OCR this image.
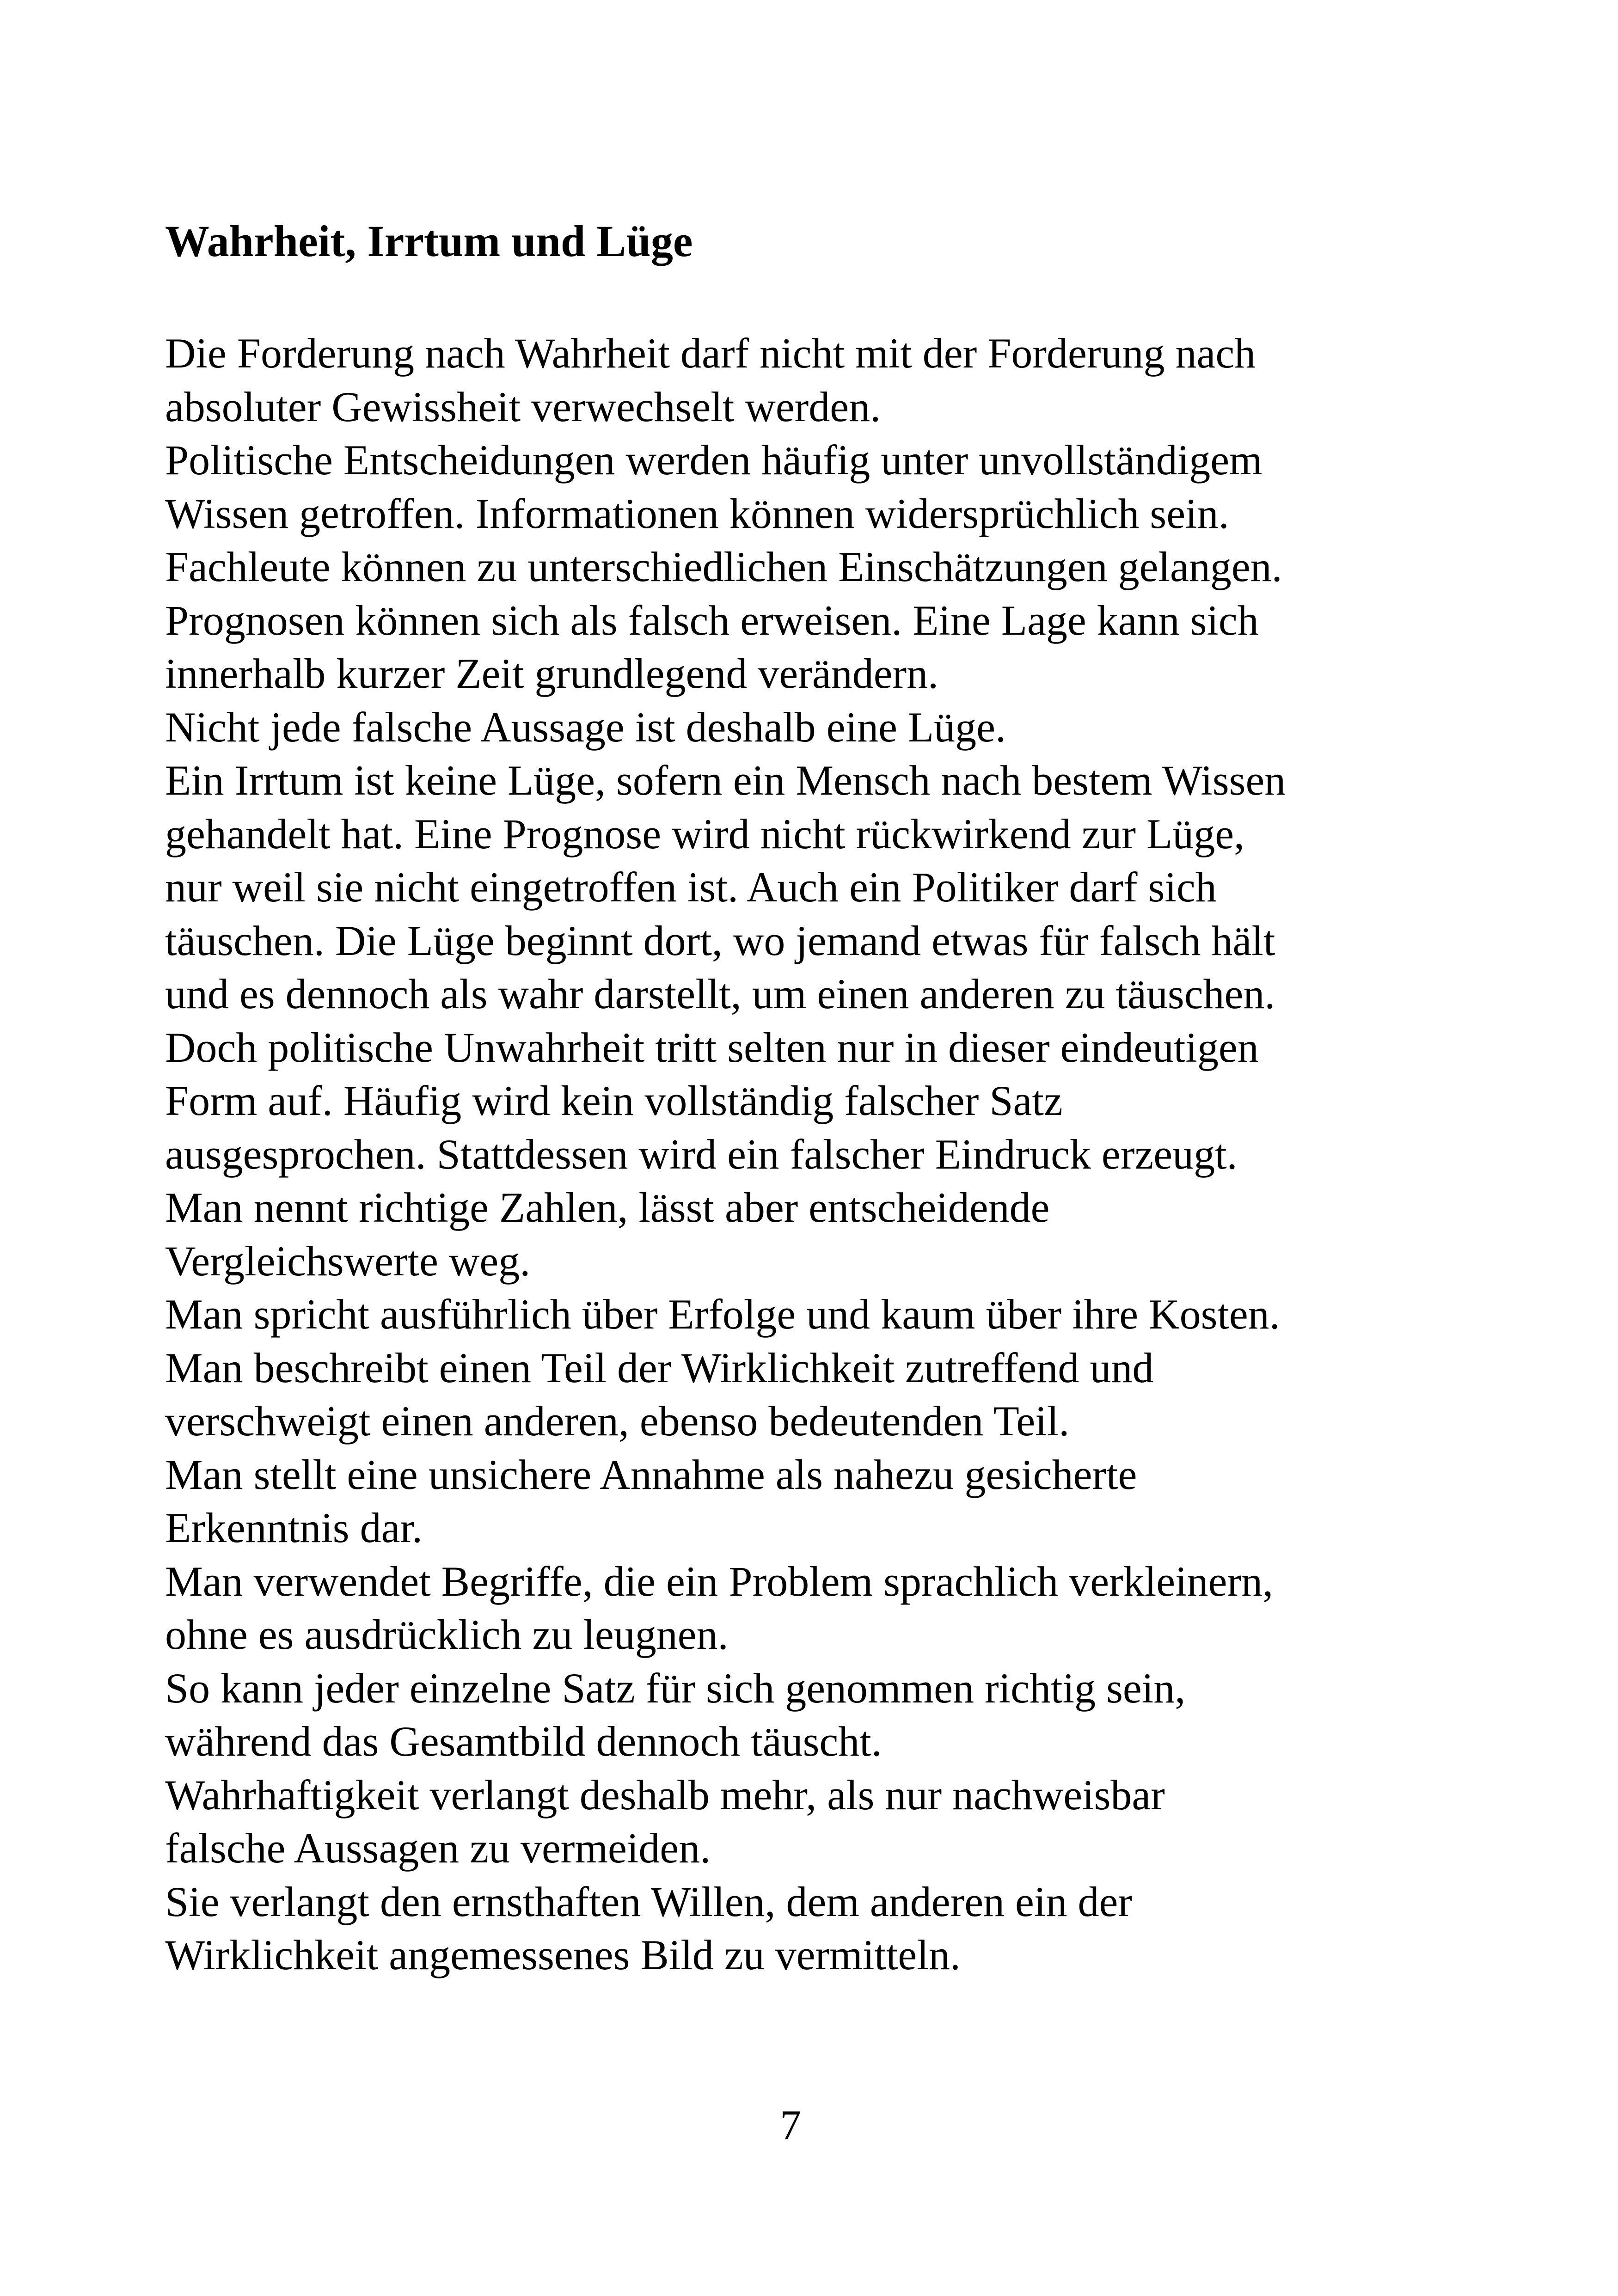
Wahrheit, Irrtum und Lüge
Die Forderung nach Wahrheit darf nicht mit der Forderung nach
absoluter Gewissheit verwechselt werden.
Politische Entscheidungen werden häufig unter unvollständigem
Wissen getroffen. Informationen können widersprüchlich sein.
Fachleute können zu unterschiedlichen Einschätzungen gelangen.
Prognosen können sich als falsch erweisen. Eine Lage kann sich
innerhalb kurzer Zeit grundlegend verändern.
Nicht jede falsche Aussage ist deshalb eine Lüge.
Ein Irrtum ist keine Lüge, sofern ein Mensch nach bestem Wissen
gehandelt hat. Eine Prognose wird nicht rückwirkend zur Lüge,
nur weil sie nicht eingetroffen ist. Auch ein Politiker darf sich
täuschen. Die Lüge beginnt dort, wo jemand etwas für falsch hält
und es dennoch als wahr darstellt, um einen anderen zu täuschen.
Doch politische Unwahrheit tritt selten nur in dieser eindeutigen
Form auf. Häufig wird kein vollständig falscher Satz
ausgesprochen. Stattdessen wird ein falscher Eindruck erzeugt.
Man nennt richtige Zahlen, lässt aber entscheidende
Vergleichswerte weg.
Man spricht ausführlich über Erfolge und kaum über ihre Kosten.
Man beschreibt einen Teil der Wirklichkeit zutreffend und
verschweigt einen anderen, ebenso bedeutenden Teil.
Man stellt eine unsichere Annahme als nahezu gesicherte
Erkenntnis dar.
Man verwendet Begriffe, die ein Problem sprachlich verkleinern,
ohne es ausdrücklich zu leugnen.
So kann jeder einzelne Satz für sich genommen richtig sein,
während das Gesamtbild dennoch täuscht.
Wahrhaftigkeit verlangt deshalb mehr, als nur nachweisbar
falsche Aussagen zu vermeiden.
Sie verlangt den ernsthaften Willen, dem anderen ein der
Wirklichkeit angemessenes Bild zu vermitteln.
7
